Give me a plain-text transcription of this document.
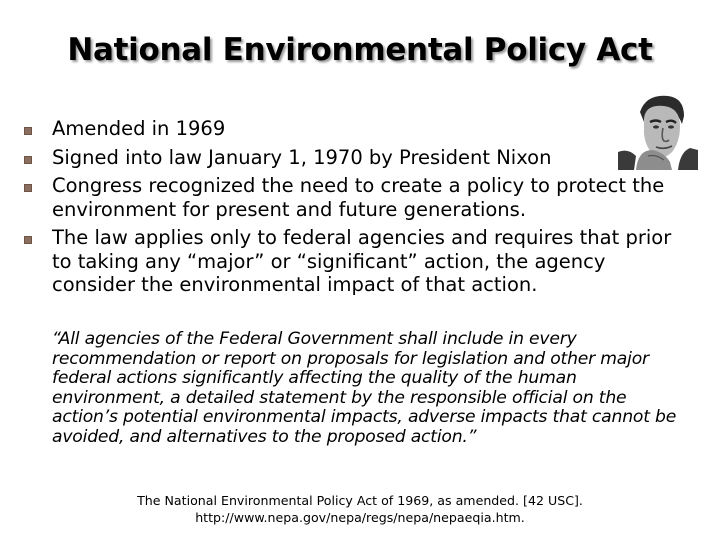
National Environmental Policy Act
Amended in 1969
Signed into law January 1, 1970 by President Nixon
Congress recognized the need to create a policy to protect the environment for present and future generations.
The law applies only to federal agencies and requires that prior to taking any “major” or “significant” action, the agency consider the environmental impact of that action.

“All agencies of the Federal Government shall include in every recommendation or report on proposals for legislation and other major federal actions significantly affecting the quality of the human environment, a detailed statement by the responsible official on the action’s potential environmental impacts, adverse impacts that cannot be avoided, and alternatives to the proposed action.”

The National Environmental Policy Act of 1969, as amended. [42 USC].
http://www.nepa.gov/nepa/regs/nepa/nepaeqia.htm.
